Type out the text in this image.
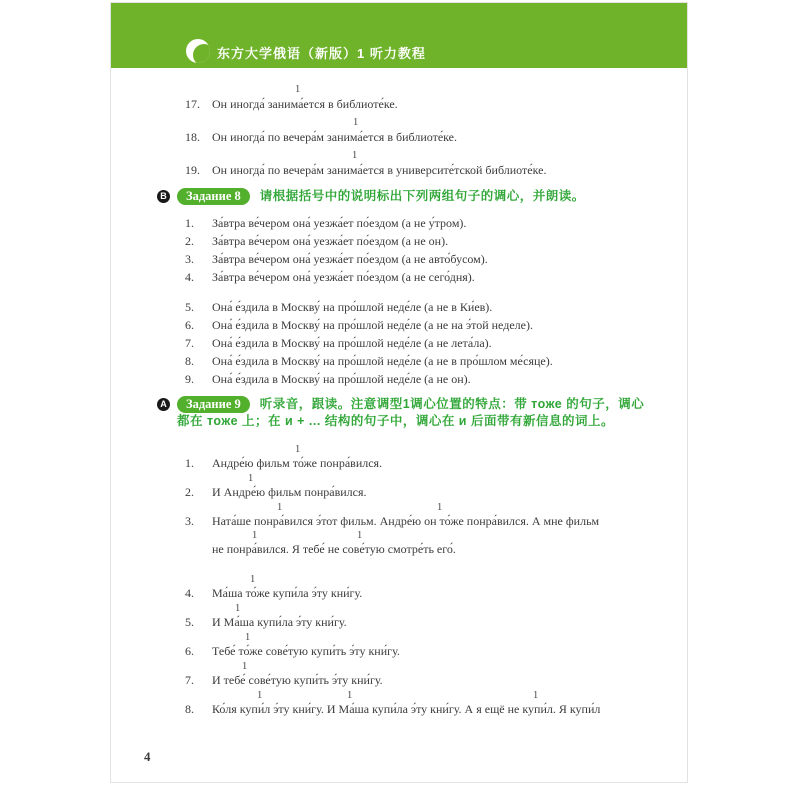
东方大学俄语（新版）1 听力教程
1
17. Он иногда́ занима́ется в библиоте́ке.
1
18. Он иногда́ по вечера́м занима́ется в библиоте́ке.
1
19. Он иногда́ по вечера́м занима́ется в университе́тской библиоте́ке.
B Задание 8 请根据括号中的说明标出下列两组句子的调心，并朗读。
1. За́втра ве́чером она́ уезжа́ет по́ездом (а не у́тром).
2. За́втра ве́чером она́ уезжа́ет по́ездом (а не он).
3. За́втра ве́чером она́ уезжа́ет по́ездом (а не авто́бусом).
4. За́втра ве́чером она́ уезжа́ет по́ездом (а не сего́дня).
5. Она́ е́здила в Москву́ на про́шлой неде́ле (а не в Ки́ев).
6. Она́ е́здила в Москву́ на про́шлой неде́ле (а не на э́той неделе).
7. Она́ е́здила в Москву́ на про́шлой неде́ле (а не лета́ла).
8. Она́ е́здила в Москву́ на про́шлой неде́ле (а не в про́шлом ме́сяце).
9. Она́ е́здила в Москву́ на про́шлой неде́ле (а не он).
A Задание 9 听录音，跟读。注意调型1调心位置的特点：带 тоже 的句子，调心都在 тоже 上；在 и + ... 结构的句子中，调心在 и 后面带有新信息的词上。
1
1. Андре́ю фильм то́же понра́вился.
1
2. И Андре́ю фильм понра́вился.
1	1
3. Ната́ше понра́вился э́тот фильм. Андре́ю он то́же понра́вился. А мне фильм
1	1
не понра́вился. Я тебе́ не сове́тую смотре́ть его́.
1
4. Ма́ша то́же купи́ла э́ту кни́гу.
1
5. И Ма́ша купи́ла э́ту кни́гу.
1
6. Тебе́ то́же сове́тую купи́ть э́ту кни́гу.
1
7. И тебе́ сове́тую купи́ть э́ту кни́гу.
1	1	1
8. Ко́ля купи́л э́ту кни́гу. И Ма́ша купи́ла э́ту кни́гу. А я ещё не купи́л. Я купи́л
4
